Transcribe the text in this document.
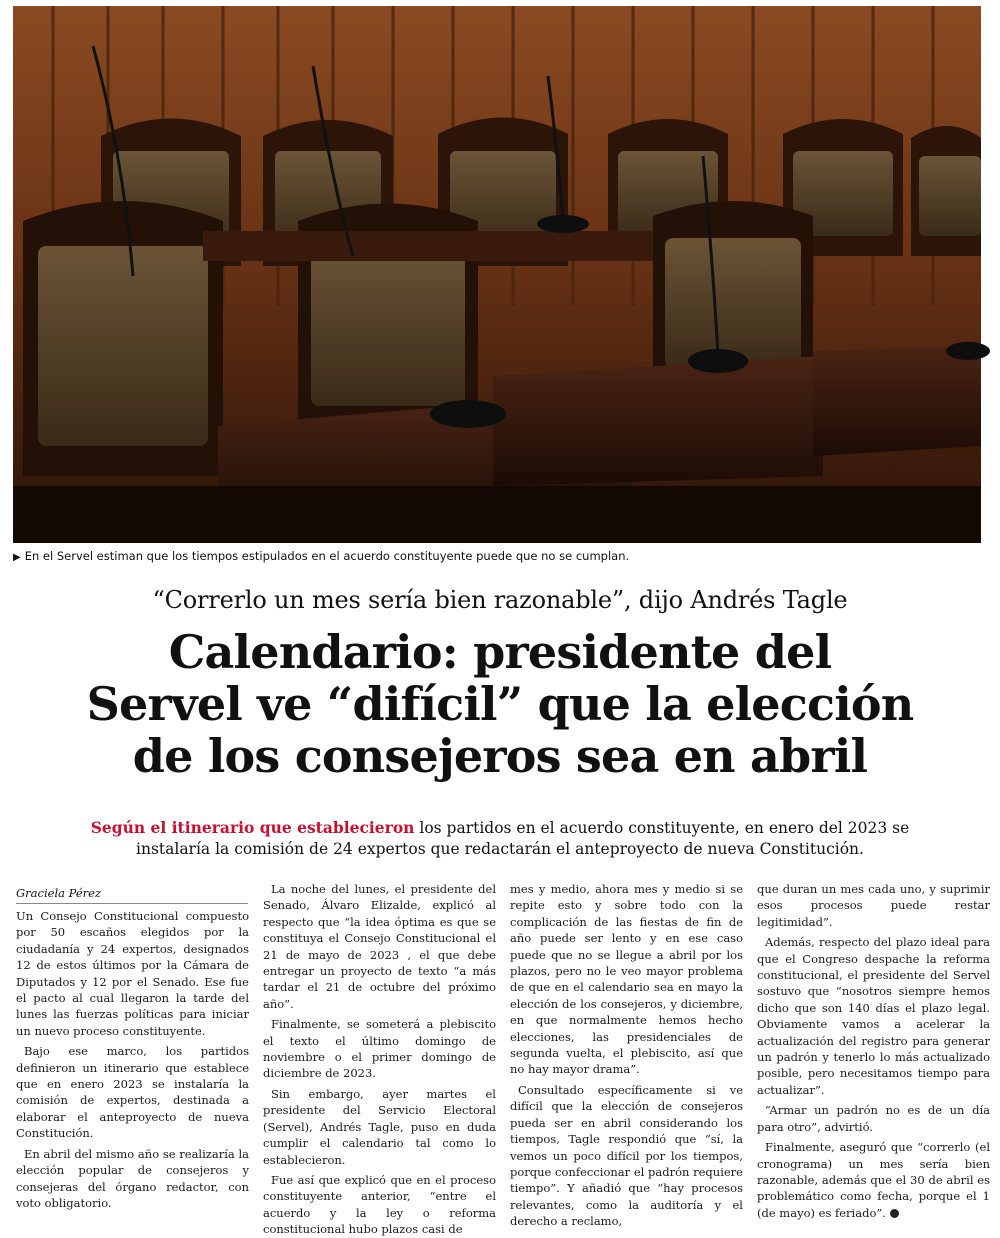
▶ En el Servel estiman que los tiempos estipulados en el acuerdo constituyente puede que no se cumplan.
“Correrlo un mes sería bien razonable”, dijo Andrés Tagle
Calendario: presidente del
Servel ve “difícil” que la elección
de los consejeros sea en abril
Según el itinerario que establecieron los partidos en el acuerdo constituyente, en enero del 2023 se instalaría la comisión de 24 expertos que redactarán el anteproyecto de nueva Constitución.
Graciela Pérez

Un Consejo Constitucional compuesto por 50 escaños elegidos por la ciudadanía y 24 expertos, designados 12 de estos últimos por la Cámara de Diputados y 12 por el Senado. Ese fue el pacto al cual llegaron la tarde del lunes las fuerzas políticas para iniciar un nuevo proceso constituyente.

Bajo ese marco, los partidos definieron un itinerario que establece que en enero 2023 se instalaría la comisión de expertos, destinada a elaborar el anteproyecto de nueva Constitución.

En abril del mismo año se realizaría la elección popular de consejeros y consejeras del órgano redactor, con voto obligatorio.

La noche del lunes, el presidente del Senado, Álvaro Elizalde, explicó al respecto que “la idea óptima es que se constituya el Consejo Constitucional el 21 de mayo de 2023 , el que debe entregar un proyecto de texto “a más tardar el 21 de octubre del próximo año”.

Finalmente, se someterá a plebiscito el texto el último domingo de noviembre o el primer domingo de diciembre de 2023.

Sin embargo, ayer martes el presidente del Servicio Electoral (Servel), Andrés Tagle, puso en duda cumplir el calendario tal como lo establecieron.

Fue así que explicó que en el proceso constituyente anterior, “entre el acuerdo y la ley o reforma constitucional hubo plazos casi de

mes y medio, ahora mes y medio si se repite esto y sobre todo con la complicación de las fiestas de fin de año puede ser lento y en ese caso puede que no se llegue a abril por los plazos, pero no le veo mayor problema de que en el calendario sea en mayo la elección de los consejeros, y diciembre, en que normalmente hemos hecho elecciones, las presidenciales de segunda vuelta, el plebiscito, así que no hay mayor drama”.

Consultado específicamente si ve difícil que la elección de consejeros pueda ser en abril considerando los tiempos, Tagle respondió que “sí, la vemos un poco difícil por los tiempos, porque confeccionar el padrón requiere tiempo”. Y añadió que “hay procesos relevantes, como la auditoría y el derecho a reclamo,

que duran un mes cada uno, y suprimir esos procesos puede restar legitimidad”.

Además, respecto del plazo ideal para que el Congreso despache la reforma constitucional, el presidente del Servel sostuvo que “nosotros siempre hemos dicho que son 140 días el plazo legal. Obviamente vamos a acelerar la actualización del registro para generar un padrón y tenerlo lo más actualizado posible, pero necesitamos tiempo para actualizar”.

“Armar un padrón no es de un día para otro”, advirtió.

Finalmente, aseguró que “correrlo (el cronograma) un mes sería bien razonable, además que el 30 de abril es problemático como fecha, porque el 1 (de mayo) es feriado”.
